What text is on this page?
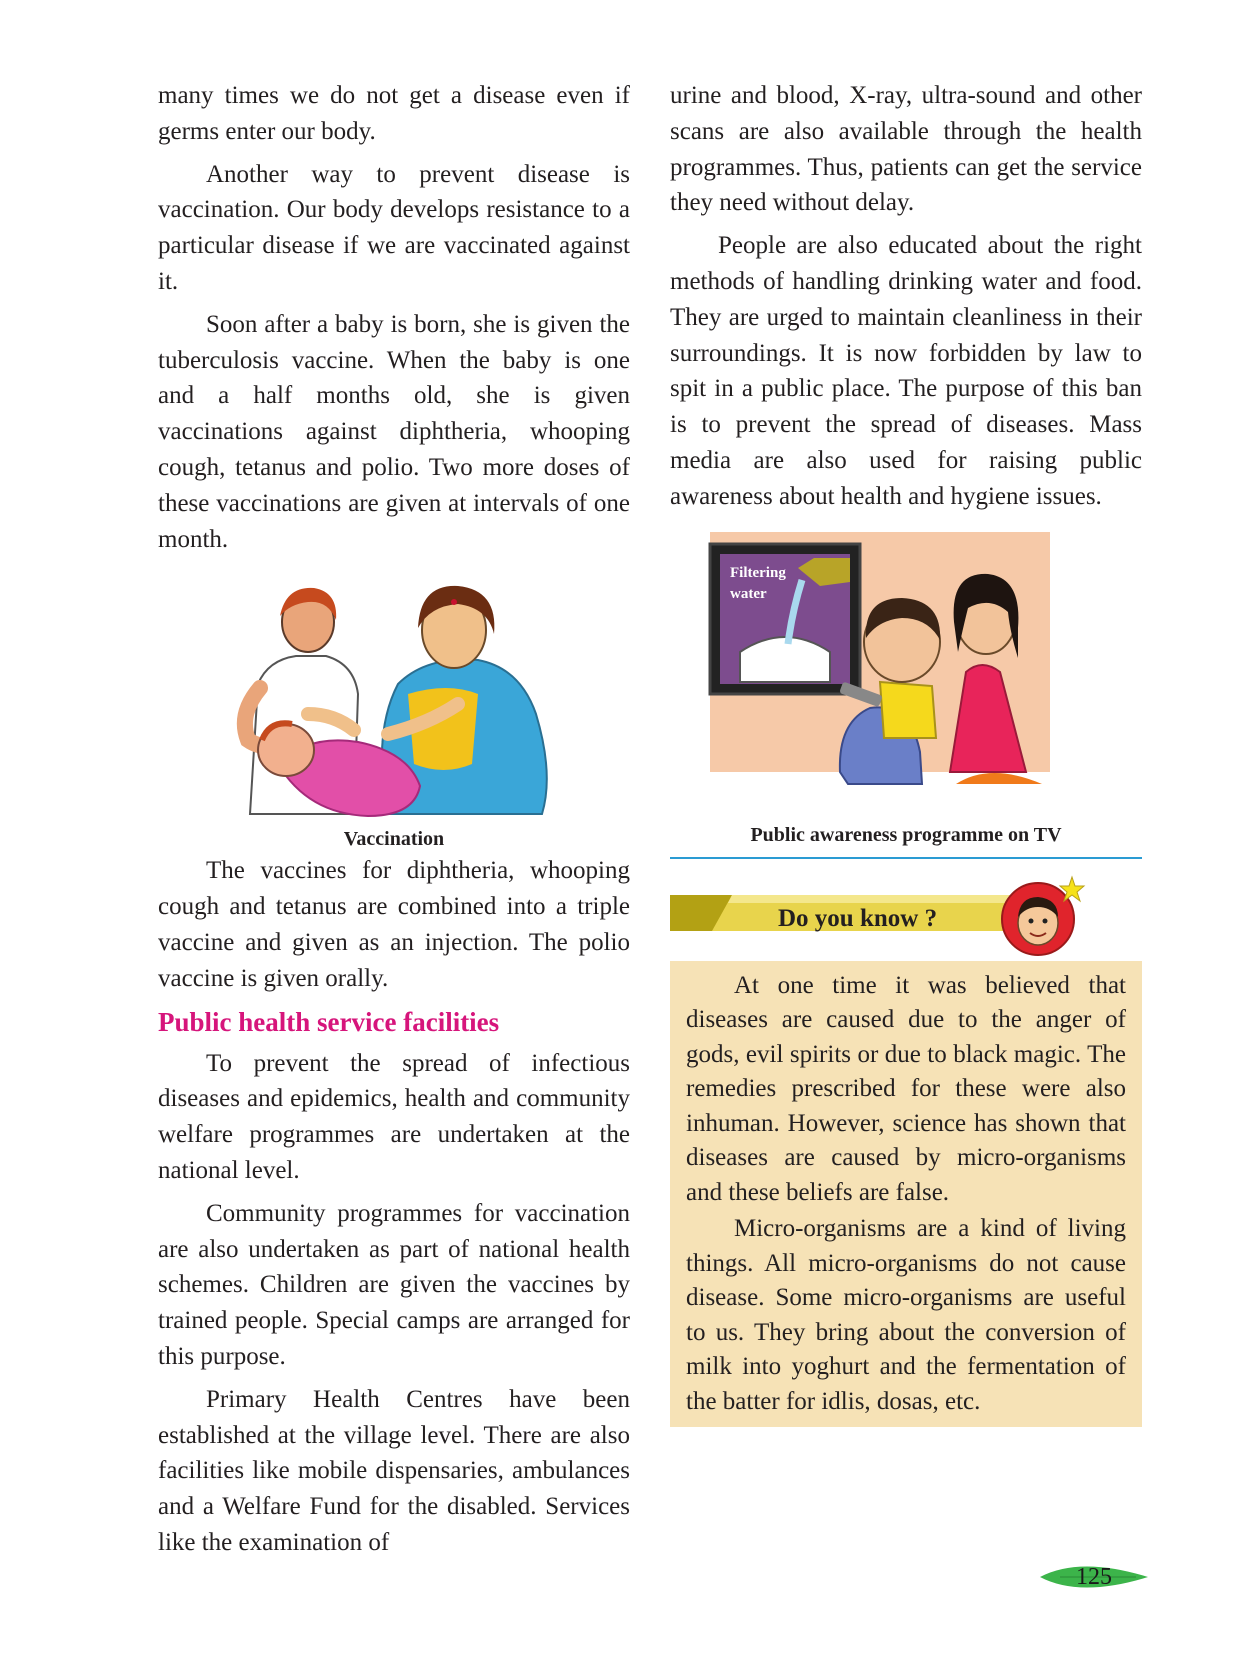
many times we do not get a disease even if germs enter our body.

Another way to prevent disease is vaccination. Our body develops resistance to a particular disease if we are vaccinated against it.

Soon after a baby is born, she is given the tuberculosis vaccine. When the baby is one and a half months old, she is given vaccinations against diphtheria, whooping cough, tetanus and polio. Two more doses of these vaccinations are given at intervals of one month.

Vaccination

The vaccines for diphtheria, whooping cough and tetanus are combined into a triple vaccine and given as an injection. The polio vaccine is given orally.

Public health service facilities

To prevent the spread of infectious diseases and epidemics, health and community welfare programmes are undertaken at the national level.

Community programmes for vaccination are also undertaken as part of national health schemes. Children are given the vaccines by trained people. Special camps are arranged for this purpose.

Primary Health Centres have been established at the village level. There are also facilities like mobile dispensaries, ambulances and a Welfare Fund for the disabled. Services like the examination of

urine and blood, X-ray, ultra-sound and other scans are also available through the health programmes. Thus, patients can get the service they need without delay.

People are also educated about the right methods of handling drinking water and food. They are urged to maintain cleanliness in their surroundings. It is now forbidden by law to spit in a public place. The purpose of this ban is to prevent the spread of diseases. Mass media are also used for raising public awareness about health and hygiene issues.

Filtering
water
Public awareness programme on TV
Do you know ?

At one time it was believed that diseases are caused due to the anger of gods, evil spirits or due to black magic. The remedies prescribed for these were also inhuman. However, science has shown that diseases are caused by micro-organisms and these beliefs are false.

Micro-organisms are a kind of living things. All micro-organisms do not cause disease. Some micro-organisms are useful to us. They bring about the conversion of milk into yoghurt and the fermentation of the batter for idlis, dosas, etc.

125
